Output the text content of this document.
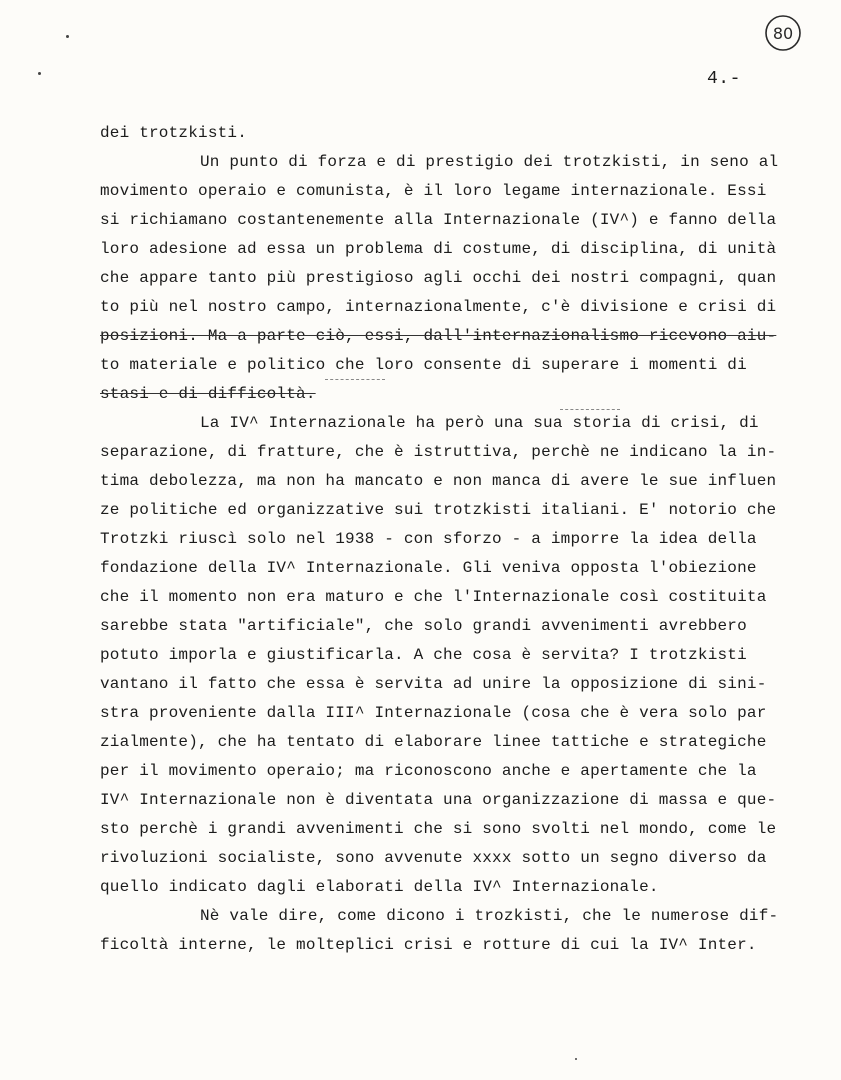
80
4.-
dei trotzkisti.
Un punto di forza e di prestigio dei trotzkisti, in seno al
movimento operaio e comunista, è il loro legame internazionale. Essi
si richiamano costantenemente alla Internazionale (IV^) e fanno della
loro adesione ad essa un problema di costume, di disciplina, di unità
che appare tanto più prestigioso agli occhi dei nostri compagni, quan
to più nel nostro campo, internazionalmente, c'è divisione e crisi di
posizioni. Ma a parte ciò, essi, dall'internazionalismo ricevono aiu-
to materiale e politico che loro consente di superare i momenti di
stasi e di difficoltà.
La IV^ Internazionale ha però una sua storia di crisi, di
separazione, di fratture, che è istruttiva, perchè ne indicano la in-
tima debolezza, ma non ha mancato e non manca di avere le sue influen
ze politiche ed organizzative sui trotzkisti italiani. E' notorio che
Trotzki riuscì solo nel 1938 - con sforzo - a imporre la idea della
fondazione della IV^ Internazionale. Gli veniva opposta l'obiezione
che il momento non era maturo e che l'Internazionale così costituita
sarebbe stata "artificiale", che solo grandi avvenimenti avrebbero
potuto imporla e giustificarla. A che cosa è servita? I trotzkisti
vantano il fatto che essa è servita ad unire la opposizione di sini-
stra proveniente dalla III^ Internazionale (cosa che è vera solo par
zialmente), che ha tentato di elaborare linee tattiche e strategiche
per il movimento operaio; ma riconoscono anche e apertamente che la
IV^ Internazionale non è diventata una organizzazione di massa e que-
sto perchè i grandi avvenimenti che si sono svolti nel mondo, come le
rivoluzioni socialiste, sono avvenute xxxx sotto un segno diverso da
quello indicato dagli elaborati della IV^ Internazionale.
Nè vale dire, come dicono i trozkisti, che le numerose dif-
ficoltà interne, le molteplici crisi e rotture di cui la IV^ Inter.
